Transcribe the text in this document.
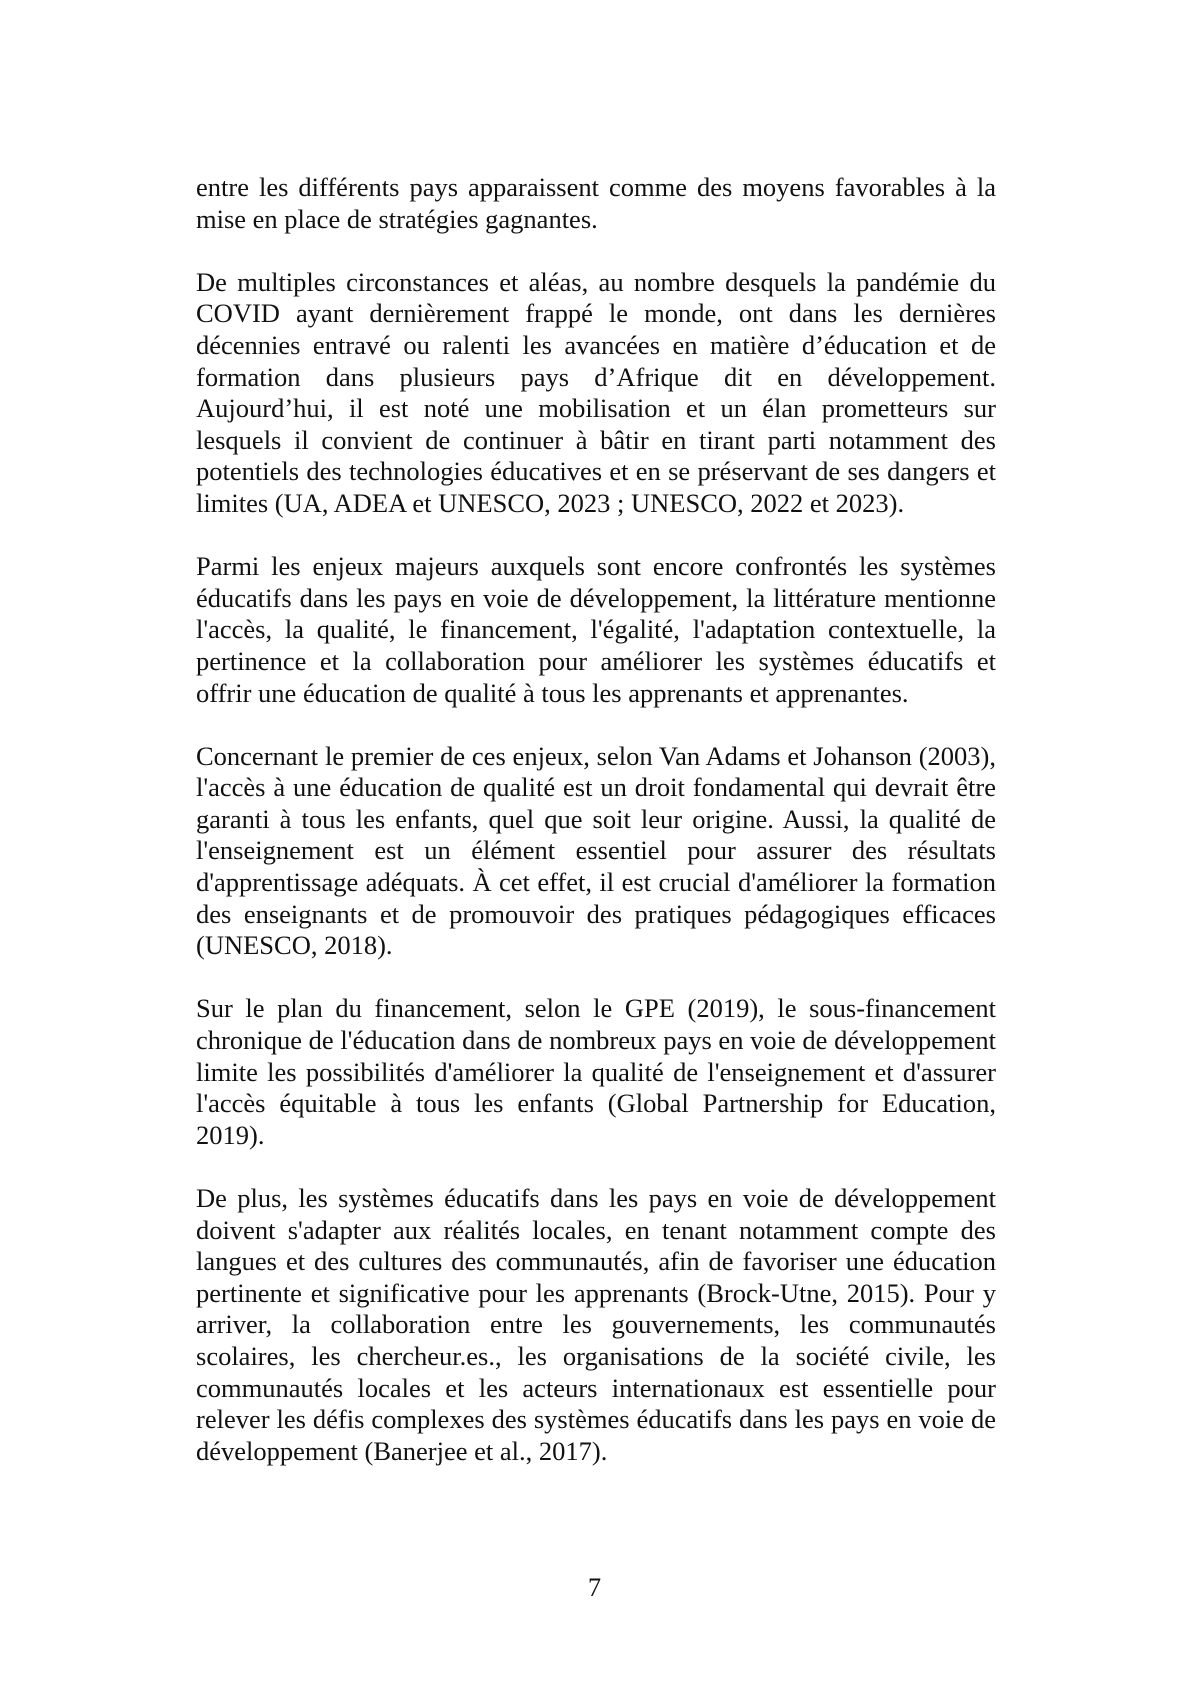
entre les différents pays apparaissent comme des moyens favorables à la mise en place de stratégies gagnantes.

De multiples circonstances et aléas, au nombre desquels la pandémie du COVID ayant dernièrement frappé le monde, ont dans les dernières décennies entravé ou ralenti les avancées en matière d’éducation et de formation dans plusieurs pays d’Afrique dit en développement. Aujourd’hui, il est noté une mobilisation et un élan prometteurs sur lesquels il convient de continuer à bâtir en tirant parti notamment des potentiels des technologies éducatives et en se préservant de ses dangers et limites (UA, ADEA et UNESCO, 2023 ; UNESCO, 2022 et 2023).

Parmi les enjeux majeurs auxquels sont encore confrontés les systèmes éducatifs dans les pays en voie de développement, la littérature mentionne l'accès, la qualité, le financement, l'égalité, l'adaptation contextuelle, la pertinence et la collaboration pour améliorer les systèmes éducatifs et offrir une éducation de qualité à tous les apprenants et apprenantes.

Concernant le premier de ces enjeux, selon Van Adams et Johanson (2003), l'accès à une éducation de qualité est un droit fondamental qui devrait être garanti à tous les enfants, quel que soit leur origine. Aussi, la qualité de l'enseignement est un élément essentiel pour assurer des résultats d'apprentissage adéquats. À cet effet, il est crucial d'améliorer la formation des enseignants et de promouvoir des pratiques pédagogiques efficaces (UNESCO, 2018).

Sur le plan du financement, selon le GPE (2019), le sous-financement chronique de l'éducation dans de nombreux pays en voie de développement limite les possibilités d'améliorer la qualité de l'enseignement et d'assurer l'accès équitable à tous les enfants (Global Partnership for Education, 2019).

De plus, les systèmes éducatifs dans les pays en voie de développement doivent s'adapter aux réalités locales, en tenant notamment compte des langues et des cultures des communautés, afin de favoriser une éducation pertinente et significative pour les apprenants (Brock-Utne, 2015). Pour y arriver, la collaboration entre les gouvernements, les communautés scolaires, les chercheur.es., les organisations de la société civile, les communautés locales et les acteurs internationaux est essentielle pour relever les défis complexes des systèmes éducatifs dans les pays en voie de développement (Banerjee et al., 2017).

7
